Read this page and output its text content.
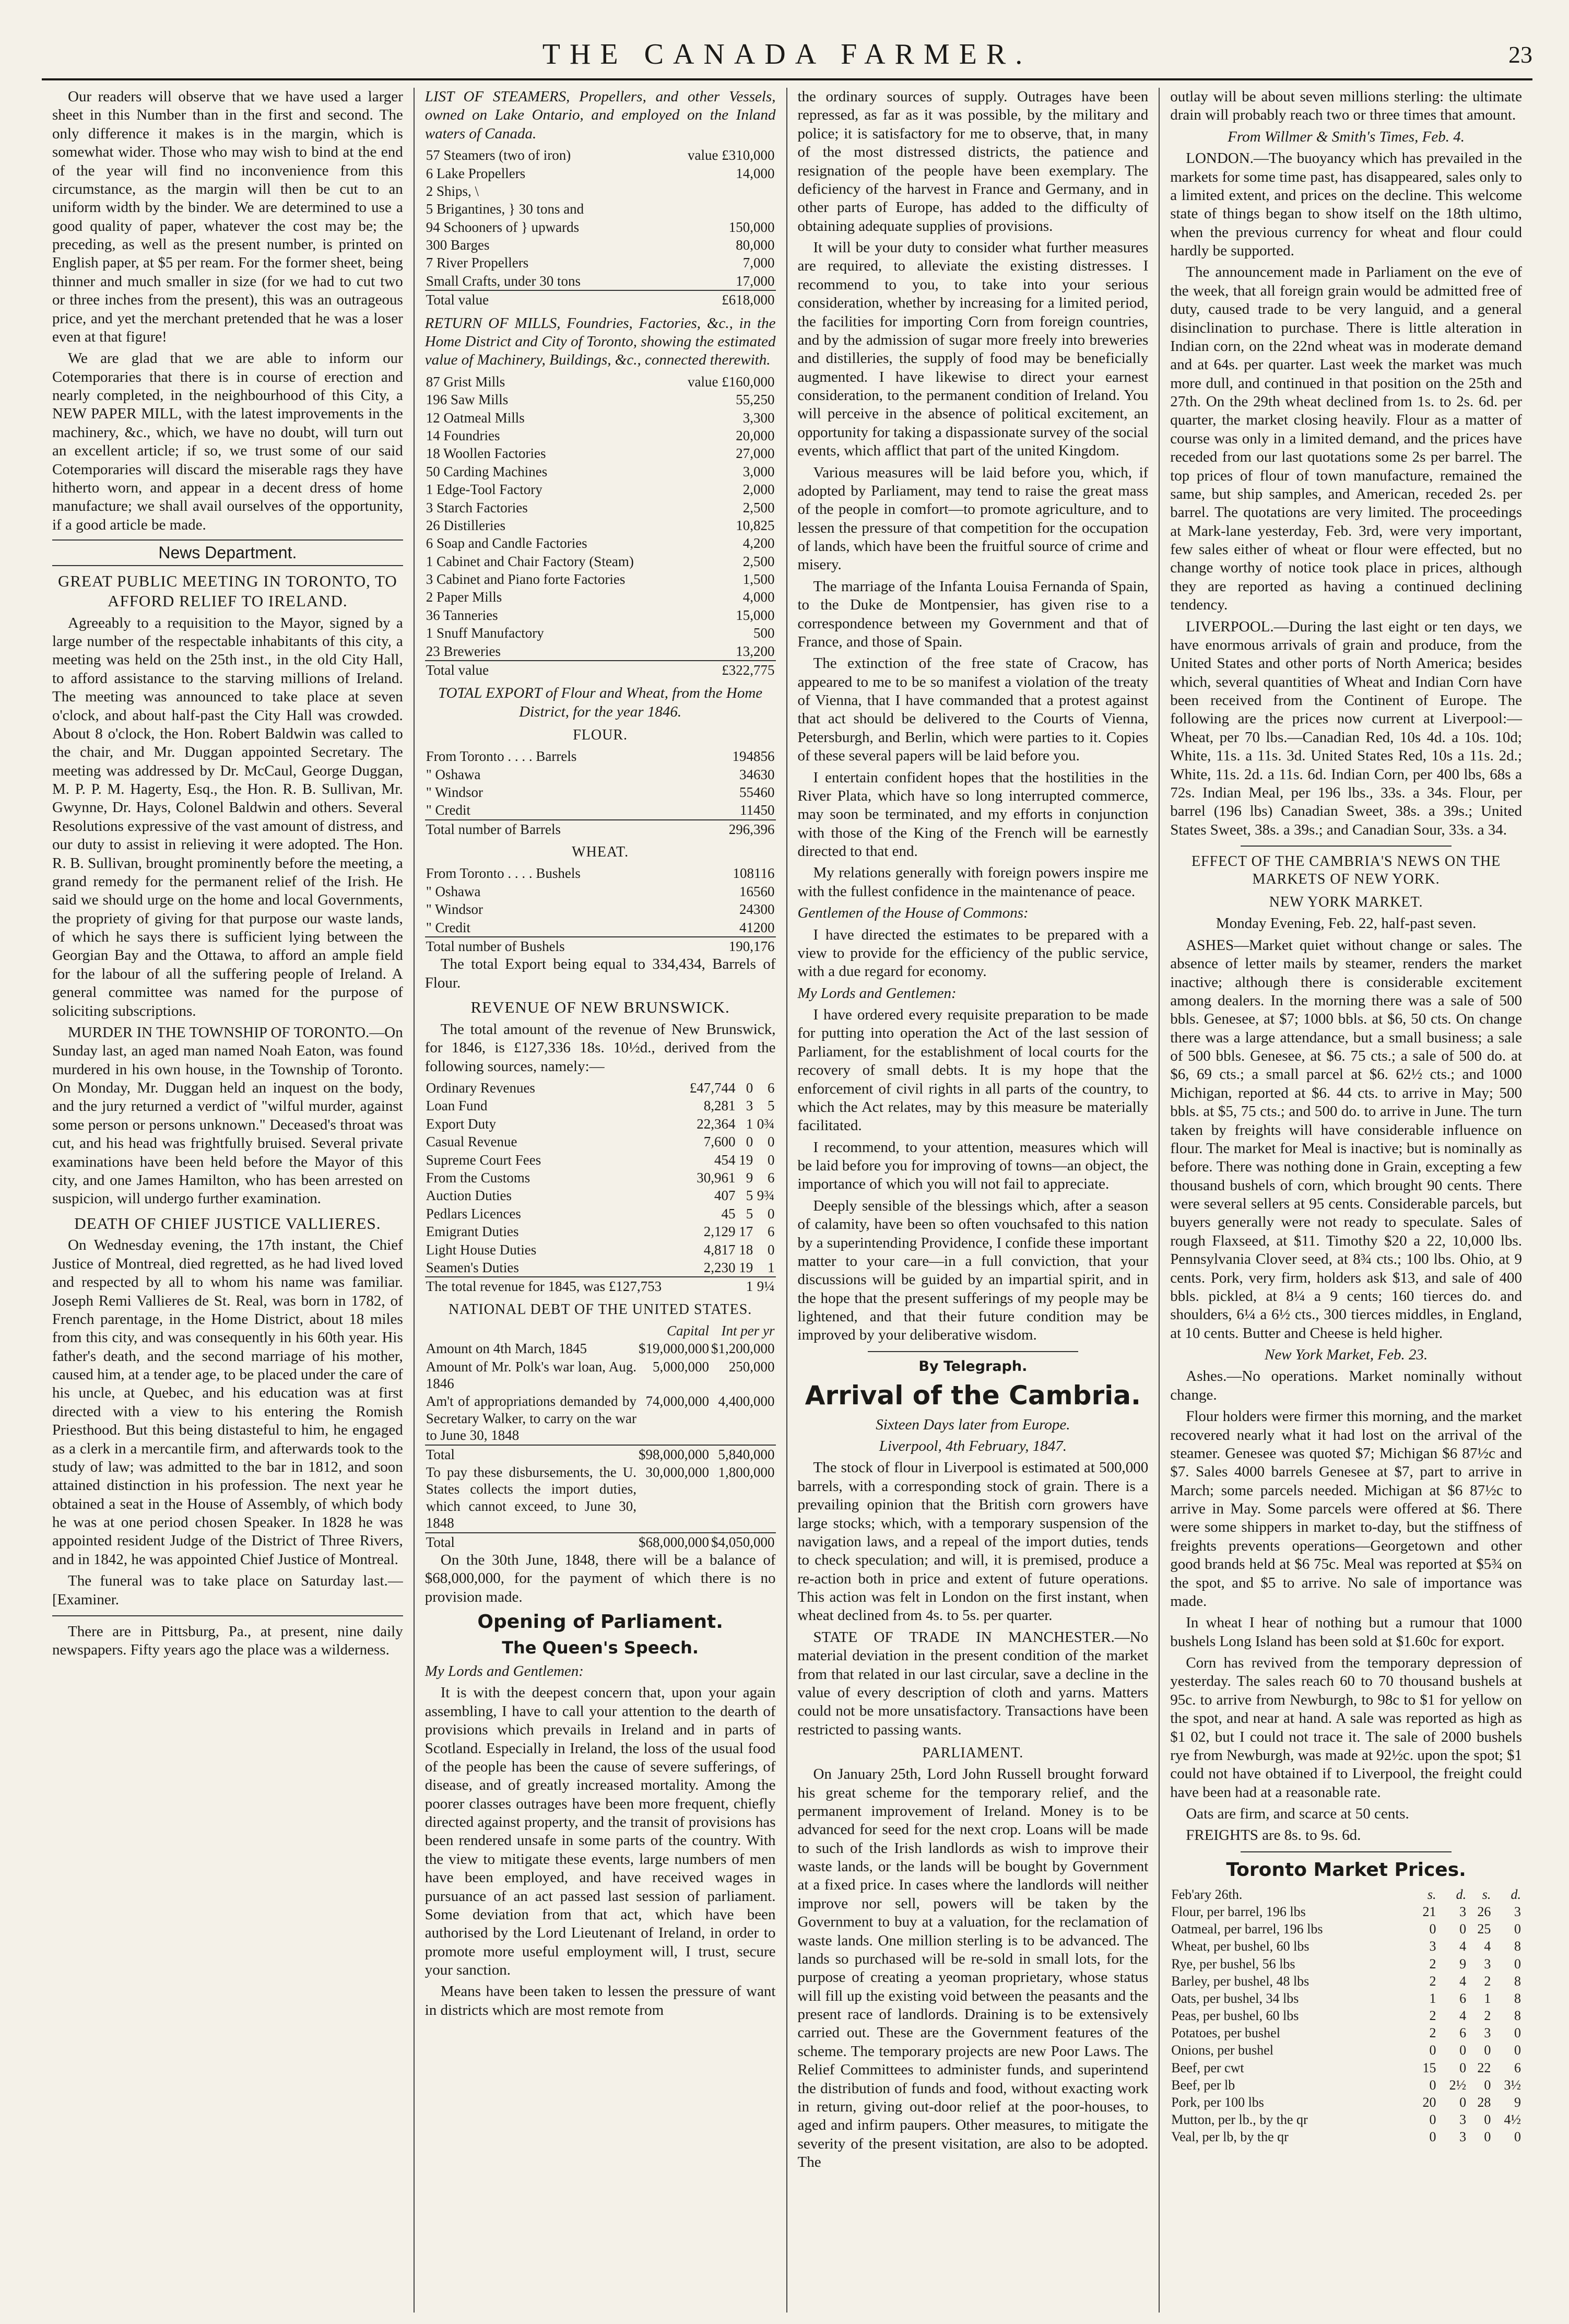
THE CANADA FARMER.	23

Our readers will observe that we have used a larger sheet in this Number than in the first and second. The only difference it makes is in the margin, which is somewhat wider. Those who may wish to bind at the end of the year will find no inconvenience from this circumstance, as the margin will then be cut to an uniform width by the binder. We are determined to use a good quality of paper, whatever the cost may be; the preceding, as well as the present number, is printed on English paper, at $5 per ream. For the former sheet, being thinner and much smaller in size (for we had to cut two or three inches from the present), this was an outrageous price, and yet the merchant pretended that he was a loser even at that figure!

We are glad that we are able to inform our Cotemporaries that there is in course of erection and nearly completed, in the neighbourhood of this City, a NEW PAPER MILL, with the latest improvements in the machinery, &c., which, we have no doubt, will turn out an excellent article; if so, we trust some of our said Cotemporaries will discard the miserable rags they have hitherto worn, and appear in a decent dress of home manufacture; we shall avail ourselves of the opportunity, if a good article be made.

News Department.
GREAT PUBLIC MEETING IN TORONTO, TO AFFORD RELIEF TO IRELAND.

Agreeably to a requisition to the Mayor, signed by a large number of the respectable inhabitants of this city, a meeting was held on the 25th inst., in the old City Hall, to afford assistance to the starving millions of Ireland. The meeting was announced to take place at seven o'clock, and about half-past the City Hall was crowded. About 8 o'clock, the Hon. Robert Baldwin was called to the chair, and Mr. Duggan appointed Secretary. The meeting was addressed by Dr. McCaul, George Duggan, M. P. P. M. Hagerty, Esq., the Hon. R. B. Sullivan, Mr. Gwynne, Dr. Hays, Colonel Baldwin and others. Several Resolutions expressive of the vast amount of distress, and our duty to assist in relieving it were adopted. The Hon. R. B. Sullivan, brought prominently before the meeting, a grand remedy for the permanent relief of the Irish. He said we should urge on the home and local Governments, the propriety of giving for that purpose our waste lands, of which he says there is sufficient lying between the Georgian Bay and the Ottawa, to afford an ample field for the labour of all the suffering people of Ireland. A general committee was named for the purpose of soliciting subscriptions.

MURDER IN THE TOWNSHIP OF TORONTO.—On Sunday last, an aged man named Noah Eaton, was found murdered in his own house, in the Township of Toronto. On Monday, Mr. Duggan held an inquest on the body, and the jury returned a verdict of "wilful murder, against some person or persons unknown." Deceased's throat was cut, and his head was frightfully bruised. Several private examinations have been held before the Mayor of this city, and one James Hamilton, who has been arrested on suspicion, will undergo further examination.

DEATH OF CHIEF JUSTICE VALLIERES.

On Wednesday evening, the 17th instant, the Chief Justice of Montreal, died regretted, as he had lived loved and respected by all to whom his name was familiar. Joseph Remi Vallieres de St. Real, was born in 1782, of French parentage, in the Home District, about 18 miles from this city, and was consequently in his 60th year. His father's death, and the second marriage of his mother, caused him, at a tender age, to be placed under the care of his uncle, at Quebec, and his education was at first directed with a view to his entering the Romish Priesthood. But this being distasteful to him, he engaged as a clerk in a mercantile firm, and afterwards took to the study of law; was admitted to the bar in 1812, and soon attained distinction in his profession. The next year he obtained a seat in the House of Assembly, of which body he was at one period chosen Speaker. In 1828 he was appointed resident Judge of the District of Three Rivers, and in 1842, he was appointed Chief Justice of Montreal.

The funeral was to take place on Saturday last.—[Examiner.

There are in Pittsburg, Pa., at present, nine daily newspapers. Fifty years ago the place was a wilderness.

LIST OF STEAMERS, Propellers, and other Vessels, owned on Lake Ontario, and employed on the Inland waters of Canada.

57 Steamers (two of iron)	value £310,000
6 Lake Propellers	14,000
2 Ships, \	
5 Brigantines, } 30 tons and	
94 Schooners of } upwards	150,000
300 Barges	80,000
7 River Propellers	7,000
Small Crafts, under 30 tons	17,000
Total value	£618,000

RETURN OF MILLS, Foundries, Factories, &c., in the Home District and City of Toronto, showing the estimated value of Machinery, Buildings, &c., connected therewith.

87 Grist Mills	value £160,000
196 Saw Mills	55,250
12 Oatmeal Mills	3,300
14 Foundries	20,000
18 Woollen Factories	27,000
50 Carding Machines	3,000
1 Edge-Tool Factory	2,000
3 Starch Factories	2,500
26 Distilleries	10,825
6 Soap and Candle Factories	4,200
1 Cabinet and Chair Factory (Steam)	2,500
3 Cabinet and Piano forte Factories	1,500
2 Paper Mills	4,000
36 Tanneries	15,000
1 Snuff Manufactory	500
23 Breweries	13,200
Total value	£322,775

TOTAL EXPORT of Flour and Wheat, from the Home District, for the year 1846.

FLOUR.
From Toronto . . . . Barrels	194856
" Oshawa	34630
" Windsor	55460
" Credit	11450
Total number of Barrels	296,396
WHEAT.
From Toronto . . . . Bushels	108116
" Oshawa	16560
" Windsor	24300
" Credit	41200
Total number of Bushels	190,176

The total Export being equal to 334,434, Barrels of Flour.

REVENUE OF NEW BRUNSWICK.

The total amount of the revenue of New Brunswick, for 1846, is £127,336 18s. 10½d., derived from the following sources, namely:—

Ordinary Revenues	£47,744	0	6
Loan Fund	8,281	3	5
Export Duty	22,364	1	0¾
Casual Revenue	7,600	0	0
Supreme Court Fees	454	19	0
From the Customs	30,961	9	6
Auction Duties	407	5	9¾
Pedlars Licences	45	5	0
Emigrant Duties	2,129	17	6
Light House Duties	4,817	18	0
Seamen's Duties	2,230	19	1
The total revenue for 1845, was £127,753		1	9¼
NATIONAL DEBT OF THE UNITED STATES.
	Capital	Int per yr
Amount on 4th March, 1845	$19,000,000	$1,200,000
Amount of Mr. Polk's war loan, Aug. 1846	5,000,000	250,000
Am't of appropriations demanded by Secretary Walker, to carry on the war to June 30, 1848	74,000,000	4,400,000
Total	$98,000,000	5,840,000
To pay these disbursements, the U. States collects the import duties, which cannot exceed, to June 30, 1848	30,000,000	1,800,000
Total	$68,000,000	$4,050,000

On the 30th June, 1848, there will be a balance of $68,000,000, for the payment of which there is no provision made.

Opening of Parliament.
The Queen's Speech.

My Lords and Gentlemen:

It is with the deepest concern that, upon your again assembling, I have to call your attention to the dearth of provisions which prevails in Ireland and in parts of Scotland. Especially in Ireland, the loss of the usual food of the people has been the cause of severe sufferings, of disease, and of greatly increased mortality. Among the poorer classes outrages have been more frequent, chiefly directed against property, and the transit of provisions has been rendered unsafe in some parts of the country. With the view to mitigate these events, large numbers of men have been employed, and have received wages in pursuance of an act passed last session of parliament. Some deviation from that act, which have been authorised by the Lord Lieutenant of Ireland, in order to promote more useful employment will, I trust, secure your sanction.

Means have been taken to lessen the pressure of want in districts which are most remote from

the ordinary sources of supply. Outrages have been repressed, as far as it was possible, by the military and police; it is satisfactory for me to observe, that, in many of the most distressed districts, the patience and resignation of the people have been exemplary. The deficiency of the harvest in France and Germany, and in other parts of Europe, has added to the difficulty of obtaining adequate supplies of provisions.

It will be your duty to consider what further measures are required, to alleviate the existing distresses. I recommend to you, to take into your serious consideration, whether by increasing for a limited period, the facilities for importing Corn from foreign countries, and by the admission of sugar more freely into breweries and distilleries, the supply of food may be beneficially augmented. I have likewise to direct your earnest consideration, to the permanent condition of Ireland. You will perceive in the absence of political excitement, an opportunity for taking a dispassionate survey of the social events, which afflict that part of the united Kingdom.

Various measures will be laid before you, which, if adopted by Parliament, may tend to raise the great mass of the people in comfort—to promote agriculture, and to lessen the pressure of that competition for the occupation of lands, which have been the fruitful source of crime and misery.

The marriage of the Infanta Louisa Fernanda of Spain, to the Duke de Montpensier, has given rise to a correspondence between my Government and that of France, and those of Spain.

The extinction of the free state of Cracow, has appeared to me to be so manifest a violation of the treaty of Vienna, that I have commanded that a protest against that act should be delivered to the Courts of Vienna, Petersburgh, and Berlin, which were parties to it. Copies of these several papers will be laid before you.

I entertain confident hopes that the hostilities in the River Plata, which have so long interrupted commerce, may soon be terminated, and my efforts in conjunction with those of the King of the French will be earnestly directed to that end.

My relations generally with foreign powers inspire me with the fullest confidence in the maintenance of peace.

Gentlemen of the House of Commons:

I have directed the estimates to be prepared with a view to provide for the efficiency of the public service, with a due regard for economy.

My Lords and Gentlemen:

I have ordered every requisite preparation to be made for putting into operation the Act of the last session of Parliament, for the establishment of local courts for the recovery of small debts. It is my hope that the enforcement of civil rights in all parts of the country, to which the Act relates, may by this measure be materially facilitated.

I recommend, to your attention, measures which will be laid before you for improving of towns—an object, the importance of which you will not fail to appreciate.

Deeply sensible of the blessings which, after a season of calamity, have been so often vouchsafed to this nation by a superintending Providence, I confide these important matter to your care—in a full conviction, that your discussions will be guided by an impartial spirit, and in the hope that the present sufferings of my people may be lightened, and that their future condition may be improved by your deliberative wisdom.

By Telegraph.
Arrival of the Cambria.

Sixteen Days later from Europe.

Liverpool, 4th February, 1847.

The stock of flour in Liverpool is estimated at 500,000 barrels, with a corresponding stock of grain. There is a prevailing opinion that the British corn growers have large stocks; which, with a temporary suspension of the navigation laws, and a repeal of the import duties, tends to check speculation; and will, it is premised, produce a re-action both in price and extent of future operations. This action was felt in London on the first instant, when wheat declined from 4s. to 5s. per quarter.

STATE OF TRADE IN MANCHESTER.—No material deviation in the present condition of the market from that related in our last circular, save a decline in the value of every description of cloth and yarns. Matters could not be more unsatisfactory. Transactions have been restricted to passing wants.

PARLIAMENT.

On January 25th, Lord John Russell brought forward his great scheme for the temporary relief, and the permanent improvement of Ireland. Money is to be advanced for seed for the next crop. Loans will be made to such of the Irish landlords as wish to improve their waste lands, or the lands will be bought by Government at a fixed price. In cases where the landlords will neither improve nor sell, powers will be taken by the Government to buy at a valuation, for the reclamation of waste lands. One million sterling is to be advanced. The lands so purchased will be re-sold in small lots, for the purpose of creating a yeoman proprietary, whose status will fill up the existing void between the peasants and the present race of landlords. Draining is to be extensively carried out. These are the Government features of the scheme. The temporary projects are new Poor Laws. The Relief Committees to administer funds, and superintend the distribution of funds and food, without exacting work in return, giving out-door relief at the poor-houses, to aged and infirm paupers. Other measures, to mitigate the severity of the present visitation, are also to be adopted. The

outlay will be about seven millions sterling: the ultimate drain will probably reach two or three times that amount.

From Willmer & Smith's Times, Feb. 4.

LONDON.—The buoyancy which has prevailed in the markets for some time past, has disappeared, sales only to a limited extent, and prices on the decline. This welcome state of things began to show itself on the 18th ultimo, when the previous currency for wheat and flour could hardly be supported.

The announcement made in Parliament on the eve of the week, that all foreign grain would be admitted free of duty, caused trade to be very languid, and a general disinclination to purchase. There is little alteration in Indian corn, on the 22nd wheat was in moderate demand and at 64s. per quarter. Last week the market was much more dull, and continued in that position on the 25th and 27th. On the 29th wheat declined from 1s. to 2s. 6d. per quarter, the market closing heavily. Flour as a matter of course was only in a limited demand, and the prices have receded from our last quotations some 2s per barrel. The top prices of flour of town manufacture, remained the same, but ship samples, and American, receded 2s. per barrel. The quotations are very limited. The proceedings at Mark-lane yesterday, Feb. 3rd, were very important, few sales either of wheat or flour were effected, but no change worthy of notice took place in prices, although they are reported as having a continued declining tendency.

LIVERPOOL.—During the last eight or ten days, we have enormous arrivals of grain and produce, from the United States and other ports of North America; besides which, several quantities of Wheat and Indian Corn have been received from the Continent of Europe. The following are the prices now current at Liverpool:—Wheat, per 70 lbs.—Canadian Red, 10s 4d. a 10s. 10d; White, 11s. a 11s. 3d. United States Red, 10s a 11s. 2d.; White, 11s. 2d. a 11s. 6d. Indian Corn, per 400 lbs, 68s a 72s. Indian Meal, per 196 lbs., 33s. a 34s. Flour, per barrel (196 lbs) Canadian Sweet, 38s. a 39s.; United States Sweet, 38s. a 39s.; and Canadian Sour, 33s. a 34.

EFFECT OF THE CAMBRIA'S NEWS ON THE MARKETS OF NEW YORK.
NEW YORK MARKET.

Monday Evening, Feb. 22, half-past seven.

ASHES—Market quiet without change or sales. The absence of letter mails by steamer, renders the market inactive; although there is considerable excitement among dealers. In the morning there was a sale of 500 bbls. Genesee, at $7; 1000 bbls. at $6, 50 cts. On change there was a large attendance, but a small business; a sale of 500 bbls. Genesee, at $6. 75 cts.; a sale of 500 do. at $6, 69 cts.; a small parcel at $6. 62½ cts.; and 1000 Michigan, reported at $6. 44 cts. to arrive in May; 500 bbls. at $5, 75 cts.; and 500 do. to arrive in June. The turn taken by freights will have considerable influence on flour. The market for Meal is inactive; but is nominally as before. There was nothing done in Grain, excepting a few thousand bushels of corn, which brought 90 cents. There were several sellers at 95 cents. Considerable parcels, but buyers generally were not ready to speculate. Sales of rough Flaxseed, at $11. Timothy $20 a 22, 10,000 lbs. Pennsylvania Clover seed, at 8¾ cts.; 100 lbs. Ohio, at 9 cents. Pork, very firm, holders ask $13, and sale of 400 bbls. pickled, at 8¼ a 9 cents; 160 tierces do. and shoulders, 6¼ a 6½ cts., 300 tierces middles, in England, at 10 cents. Butter and Cheese is held higher.

New York Market, Feb. 23.

Ashes.—No operations. Market nominally without change.

Flour holders were firmer this morning, and the market recovered nearly what it had lost on the arrival of the steamer. Genesee was quoted $7; Michigan $6 87½c and $7. Sales 4000 barrels Genesee at $7, part to arrive in March; some parcels needed. Michigan at $6 87½c to arrive in May. Some parcels were offered at $6. There were some shippers in market to-day, but the stiffness of freights prevents operations—Georgetown and other good brands held at $6 75c. Meal was reported at $5¾ on the spot, and $5 to arrive. No sale of importance was made.

In wheat I hear of nothing but a rumour that 1000 bushels Long Island has been sold at $1.60c for export.

Corn has revived from the temporary depression of yesterday. The sales reach 60 to 70 thousand bushels at 95c. to arrive from Newburgh, to 98c to $1 for yellow on the spot, and near at hand. A sale was reported as high as $1 02, but I could not trace it. The sale of 2000 bushels rye from Newburgh, was made at 92½c. upon the spot; $1 could not have obtained if to Liverpool, the freight could have been had at a reasonable rate.

Oats are firm, and scarce at 50 cents.

FREIGHTS are 8s. to 9s. 6d.

Toronto Market Prices.
Feb'ary 26th.	s.	d.	s.	d.
Flour, per barrel, 196 lbs	21	3	26	3
Oatmeal, per barrel, 196 lbs	0	0	25	0
Wheat, per bushel, 60 lbs	3	4	4	8
Rye, per bushel, 56 lbs	2	9	3	0
Barley, per bushel, 48 lbs	2	4	2	8
Oats, per bushel, 34 lbs	1	6	1	8
Peas, per bushel, 60 lbs	2	4	2	8
Potatoes, per bushel	2	6	3	0
Onions, per bushel	0	0	0	0
Beef, per cwt	15	0	22	6
Beef, per lb	0	2½	0	3½
Pork, per 100 lbs	20	0	28	9
Mutton, per lb., by the qr	0	3	0	4½
Veal, per lb, by the qr	0	3	0	0
